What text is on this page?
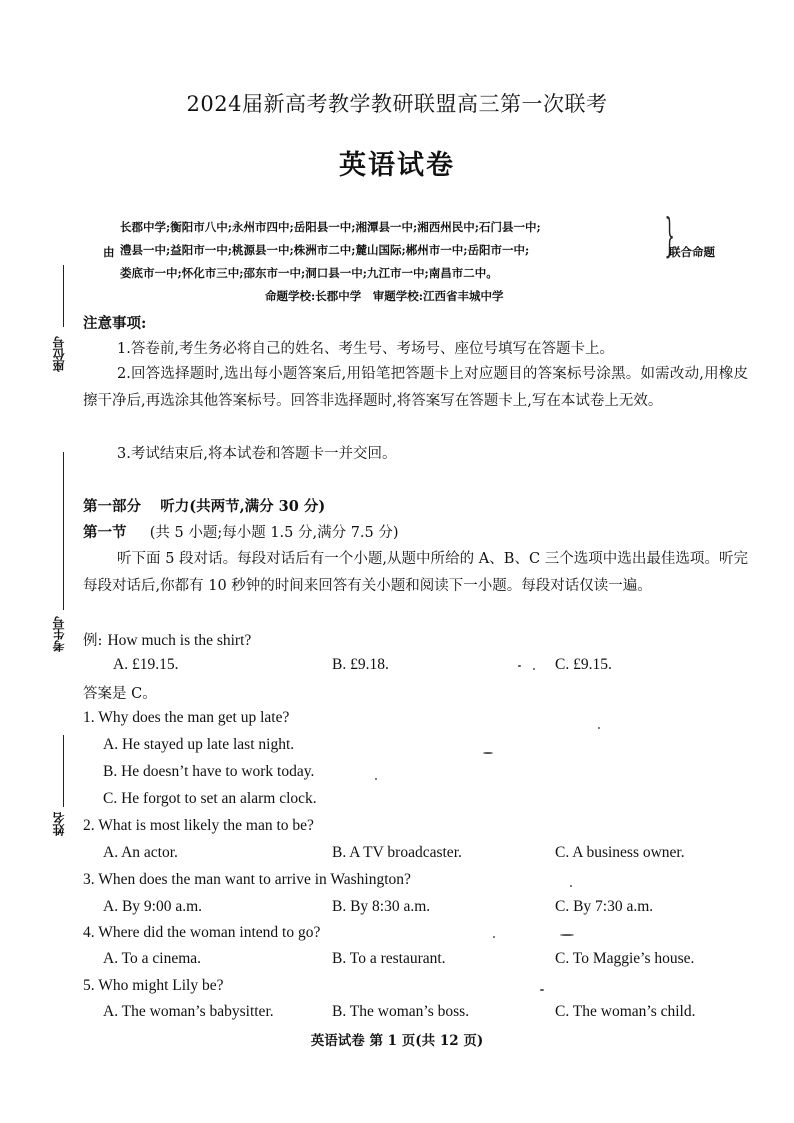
2024届新高考教学教研联盟高三第一次联考
英语试卷
长郡中学;衡阳市八中;永州市四中;岳阳县一中;湘潭县一中;湘西州民中;石门县一中;
由 澧县一中;益阳市一中;桃源县一中;株洲市二中;麓山国际;郴州市一中;岳阳市一中;	}
联合命题
娄底市一中;怀化市三中;邵东市一中;洞口县一中;九江市一中;南昌市二中。
命题学校:长郡中学　审题学校:江西省丰城中学
座位号
考生号
姓名
注意事项:
1.答卷前,考生务必将自己的姓名、考生号、考场号、座位号填写在答题卡上。
2.回答选择题时,选出每小题答案后,用铅笔把答题卡上对应题目的答案标号涂黑。如需改动,用橡皮擦干净后,再选涂其他答案标号。回答非选择题时,将答案写在答题卡上,写在本试卷上无效。
3.考试结束后,将本试卷和答题卡一并交回。
第一部分 听力(共两节,满分 30 分)
第一节 (共 5 小题;每小题 1.5 分,满分 7.5 分)
听下面 5 段对话。每段对话后有一个小题,从题中所给的 A、B、C 三个选项中选出最佳选项。听完每段对话后,你都有 10 秒钟的时间来回答有关小题和阅读下一小题。每段对话仅读一遍。
例: How much is the shirt?
A. £19.15.	B. £9.18.	C. £9.15.
答案是 C。
1. Why does the man get up late?
A. He stayed up late last night.
B. He doesn’t have to work today.
C. He forgot to set an alarm clock.
2. What is most likely the man to be?
A. An actor.	B. A TV broadcaster.	C. A business owner.
3. When does the man want to arrive in Washington?
A. By 9:00 a.m.	B. By 8:30 a.m.	C. By 7:30 a.m.
4. Where did the woman intend to go?
A. To a cinema.	B. To a restaurant.	C. To Maggie’s house.
5. Who might Lily be?
A. The woman’s babysitter.	B. The woman’s boss.	C. The woman’s child.
英语试卷 第 1 页(共 12 页)
